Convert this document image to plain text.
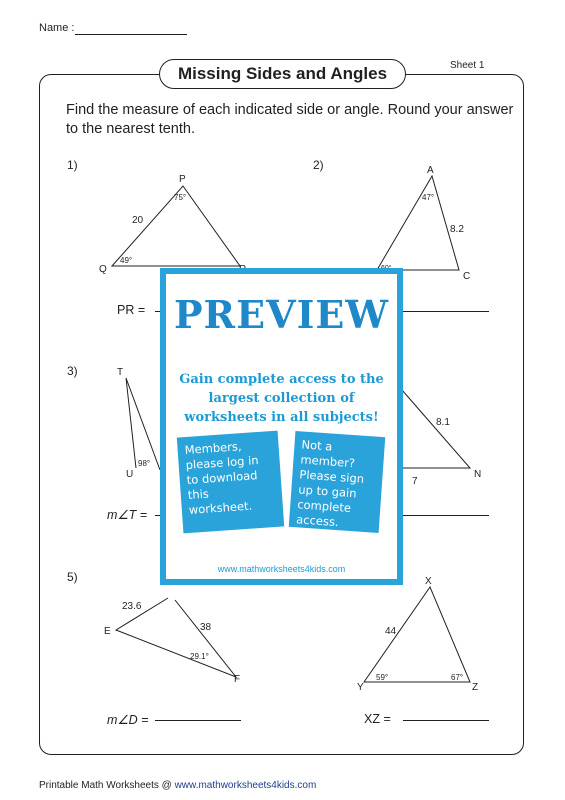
Name :
Missing Sides and Angles	Sheet 1
Find the measure of each indicated side or angle. Round your answer to the nearest tenth.
1)	2)
3)
5)
P
Q
20
75°
49°
A
C
8.2
47°
T
U
98°
N
8.1
7
E
F
23.6
38
29.1°
X
Y	Z
44
59°	67°
PR =
m∠T =
m∠D =	XZ =
PREVIEW
Gain complete access to the largest collection of worksheets in all subjects!
Members, please log in to download this worksheet.
Not a member? Please sign up to gain complete access.
www.mathworksheets4kids.com
Printable Math Worksheets @ www.mathworksheets4kids.com
